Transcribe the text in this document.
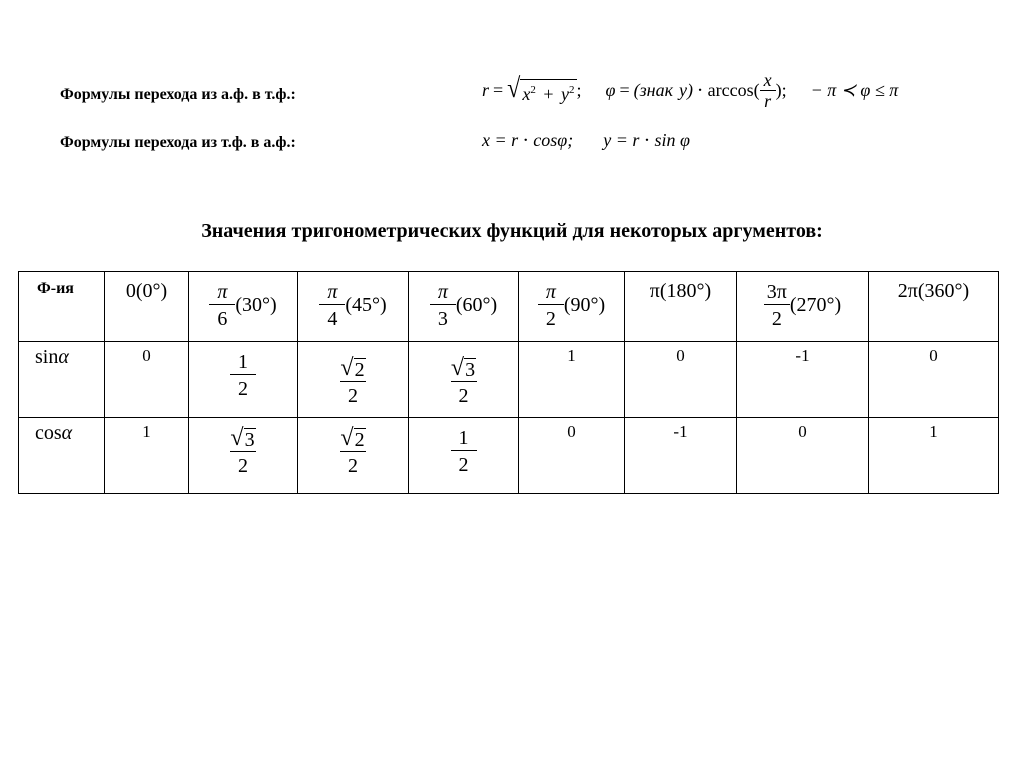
Формулы перехода из а.ф. в т.ф.:
Формулы перехода из т.ф. в а.ф.:
r = √ $x^2 + y^2$ ; φ = (знак $y) \cdot \arccos( \frac{x}{r}$ ); − π ≺ φ ≤ π
x = r ⋅ cosφ; y = r ⋅ sin φ
Значения тригонометрических функций для некоторых аргументов:
Ф-ия	0(0°)	$\frac{\pi}{6} (30^\circ)$	$\frac{\pi}{4} (45^\circ)$	$\frac{\pi}{3} (60^\circ)$	$\frac{\pi}{2} (90^\circ)$	π(180°)	$\frac{3\pi}{2} (270^\circ)$	2π(360°)

sinα	0	$\frac{1}{2}$	$\frac{√ 2}{2}$	$\frac{√ 3}{2}$	1	0	-1	0

cosα	1	$\frac{√ 3}{2}$	$\frac{√ 2}{2}$	$\frac{1}{2}$	0	-1	0	1
